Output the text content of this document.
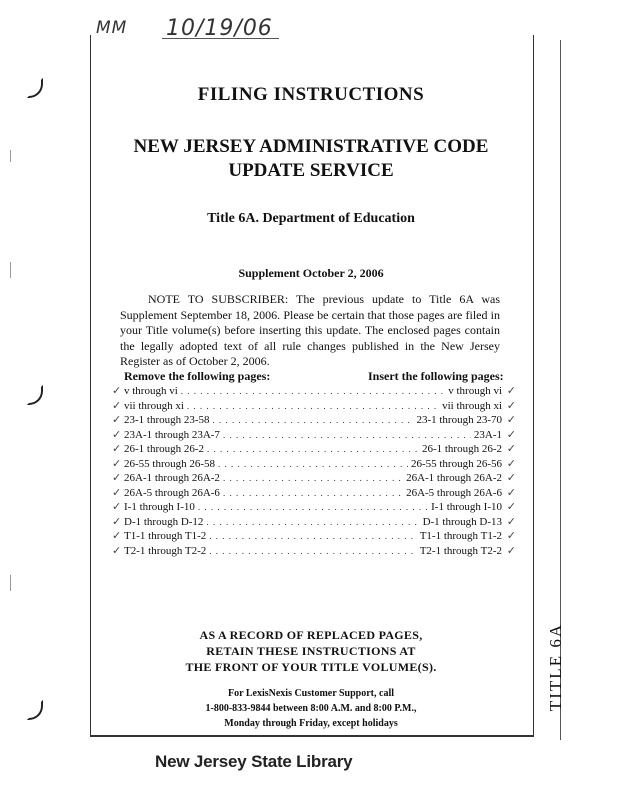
MM 10/19/06
TITLE 6A
FILING INSTRUCTIONS
NEW JERSEY ADMINISTRATIVE CODE
UPDATE SERVICE
Title 6A. Department of Education
Supplement October 2, 2006
NOTE TO SUBSCRIBER: The previous update to Title 6A was Supplement September 18, 2006. Please be certain that those pages are filed in your Title volume(s) before inserting this update. The enclosed pages contain the legally adopted text of all rule changes published in the New Jersey Register as of October 2, 2006.
Remove the following pages:	Insert the following pages:
✓ v through vi . . .	v through vi ✓
✓ vii through xi . . .	vii through xi ✓
✓ 23-1 through 23-58 . . .	23-1 through 23-70 ✓
✓ 23A-1 through 23A-7 . . .	23A-1 ✓
✓ 26-1 through 26-2 . . .	26-1 through 26-2 ✓
✓ 26-55 through 26-58 . . .	26-55 through 26-56 ✓
✓ 26A-1 through 26A-2 . . .	26A-1 through 26A-2 ✓
✓ 26A-5 through 26A-6 . . .	26A-5 through 26A-6 ✓
✓ I-1 through I-10 . . .	I-1 through I-10 ✓
✓ D-1 through D-12 . . .	D-1 through D-13 ✓
✓ T1-1 through T1-2 . . .	T1-1 through T1-2 ✓
✓ T2-1 through T2-2 . . .	T2-1 through T2-2 ✓
AS A RECORD OF REPLACED PAGES,
RETAIN THESE INSTRUCTIONS AT
THE FRONT OF YOUR TITLE VOLUME(S).
For LexisNexis Customer Support, call
1-800-833-9844 between 8:00 A.M. and 8:00 P.M.,
Monday through Friday, except holidays
New Jersey State Library
